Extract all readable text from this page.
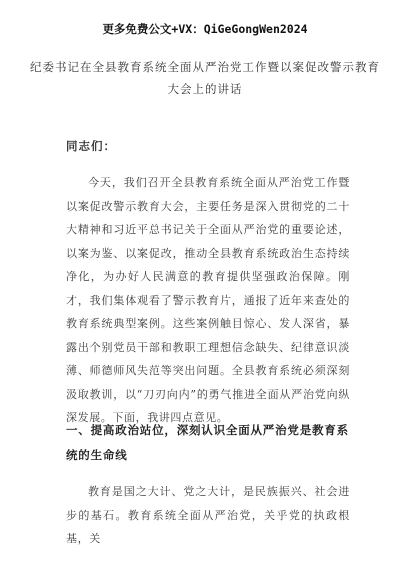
更多免费公文+VX：QiGeGongWen2024
纪委书记在全县教育系统全面从严治党工作暨以案促改警示教育大会上的讲话
同志们：

今天，我们召开全县教育系统全面从严治党工作暨以案促改警示教育大会，主要任务是深入贯彻党的二十大精神和习近平总书记关于全面从严治党的重要论述，以案为鉴、以案促改，推动全县教育系统政治生态持续净化，为办好人民满意的教育提供坚强政治保障。刚才，我们集体观看了警示教育片，通报了近年来查处的教育系统典型案例。这些案例触目惊心、发人深省，暴露出个别党员干部和教职工理想信念缺失、纪律意识淡薄、师德师风失范等突出问题。全县教育系统必须深刻汲取教训，以“刀刃向内”的勇气推进全面从严治党向纵深发展。下面，我讲四点意见。

一、提高政治站位，深刻认识全面从严治党是教育系统的生命线

教育是国之大计、党之大计，是民族振兴、社会进步的基石。教育系统全面从严治党，关乎党的执政根基，关
